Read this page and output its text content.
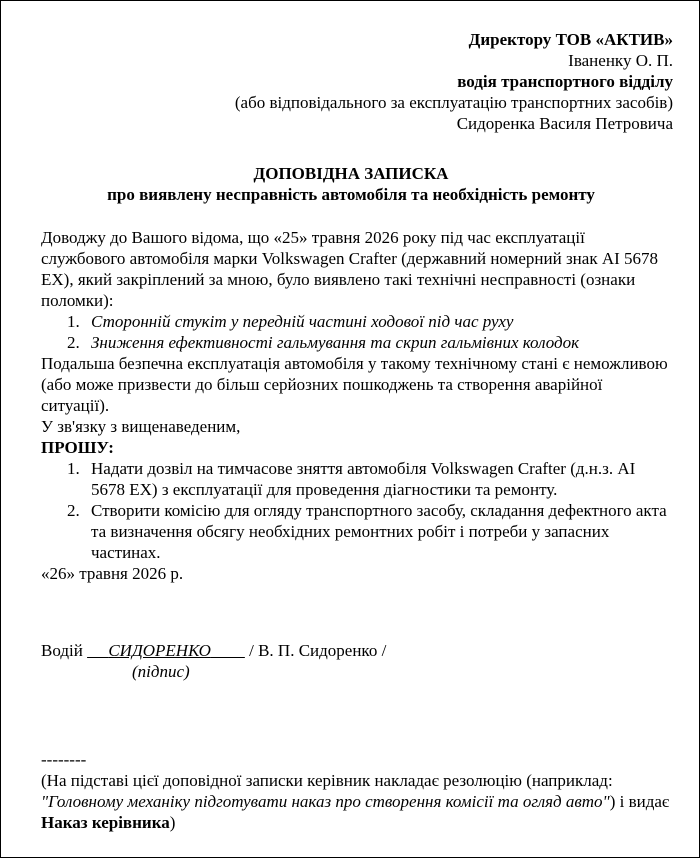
Директору ТОВ «АКТИВ»
Іваненку О. П.
водія транспортного відділу
(або відповідального за експлуатацію транспортних засобів)
Сидоренка Василя Петровича
ДОПОВІДНА ЗАПИСКА
про виявлену несправність автомобіля та необхідність ремонту

Доводжу до Вашого відома, що «25» травня 2026 року під час експлуатації службового автомобіля марки Volkswagen Crafter (державний номерний знак АІ 5678 ЕХ), який закріплений за мною, було виявлено такі технічні несправності (ознаки поломки):

1. Сторонній стукіт у передній частині ходової під час руху
2. Зниження ефективності гальмування та скрип гальмівних колодок

Подальша безпечна експлуатація автомобіля у такому технічному стані є неможливою (або може призвести до більш серйозних пошкоджень та створення аварійної ситуації).

У зв'язку з вищенаведеним,

ПРОШУ:

1. Надати дозвіл на тимчасове зняття автомобіля Volkswagen Crafter (д.н.з. АІ 5678 ЕХ) з експлуатації для проведення діагностики та ремонту.
2. Створити комісію для огляду транспортного засобу, складання дефектного акта та визначення обсягу необхідних ремонтних робіт і потреби у запасних частинах.

«26» травня 2026 р.

Водій СИДОРЕНКО / В. П. Сидоренко /
(підпис)

--------

(На підставі цієї доповідної записки керівник накладає резолюцію (наприклад: "Головному механіку підготувати наказ про створення комісії та огляд авто") і видає Наказ керівника)
